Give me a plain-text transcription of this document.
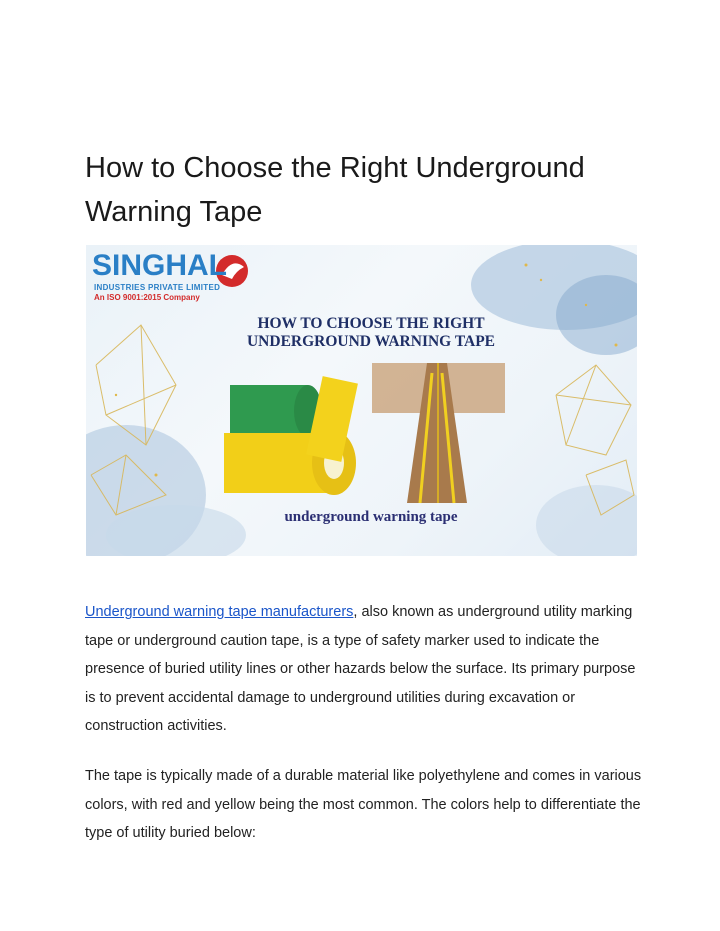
How to Choose the Right Underground Warning Tape
SINGHAL
INDUSTRIES PRIVATE LIMITED
An ISO 9001:2015 Company
HOW TO CHOOSE THE RIGHT
UNDERGROUND WARNING TAPE
underground warning tape

Underground warning tape manufacturers, also known as underground utility marking tape or underground caution tape, is a type of safety marker used to indicate the presence of buried utility lines or other hazards below the surface. Its primary purpose is to prevent accidental damage to underground utilities during excavation or construction activities.

The tape is typically made of a durable material like polyethylene and comes in various colors, with red and yellow being the most common. The colors help to differentiate the type of utility buried below:
